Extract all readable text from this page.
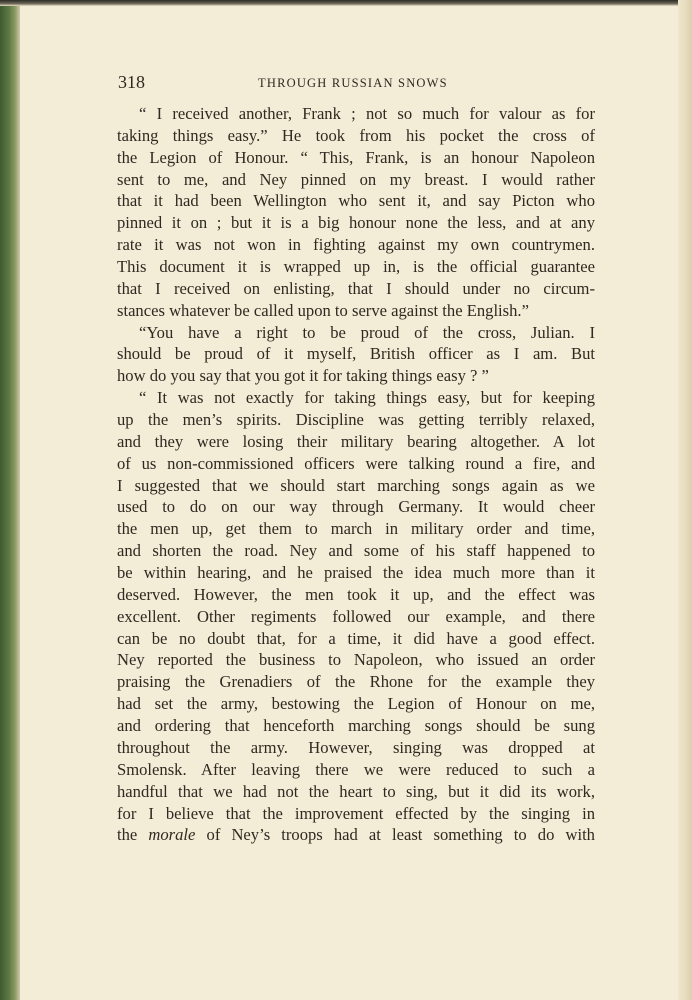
318	THROUGH RUSSIAN SNOWS
“ I received another, Frank ; not so much for valour as for
taking things easy.” He took from his pocket the cross of
the Legion of Honour. “ This, Frank, is an honour Napoleon
sent to me, and Ney pinned on my breast. I would rather
that it had been Wellington who sent it, and say Picton who
pinned it on ; but it is a big honour none the less, and at any
rate it was not won in fighting against my own countrymen.
This document it is wrapped up in, is the official guarantee
that I received on enlisting, that I should under no circum-
stances whatever be called upon to serve against the English.”
“You have a right to be proud of the cross, Julian. I
should be proud of it myself, British officer as I am. But
how do you say that you got it for taking things easy ? ”
“ It was not exactly for taking things easy, but for keeping
up the men’s spirits. Discipline was getting terribly relaxed,
and they were losing their military bearing altogether. A lot
of us non-commissioned officers were talking round a fire, and
I suggested that we should start marching songs again as we
used to do on our way through Germany. It would cheer
the men up, get them to march in military order and time,
and shorten the road. Ney and some of his staff happened to
be within hearing, and he praised the idea much more than it
deserved. However, the men took it up, and the effect was
excellent. Other regiments followed our example, and there
can be no doubt that, for a time, it did have a good effect.
Ney reported the business to Napoleon, who issued an order
praising the Grenadiers of the Rhone for the example they
had set the army, bestowing the Legion of Honour on me,
and ordering that henceforth marching songs should be sung
throughout the army. However, singing was dropped at
Smolensk. After leaving there we were reduced to such a
handful that we had not the heart to sing, but it did its work,
for I believe that the improvement effected by the singing in
the morale of Ney’s troops had at least something to do with
